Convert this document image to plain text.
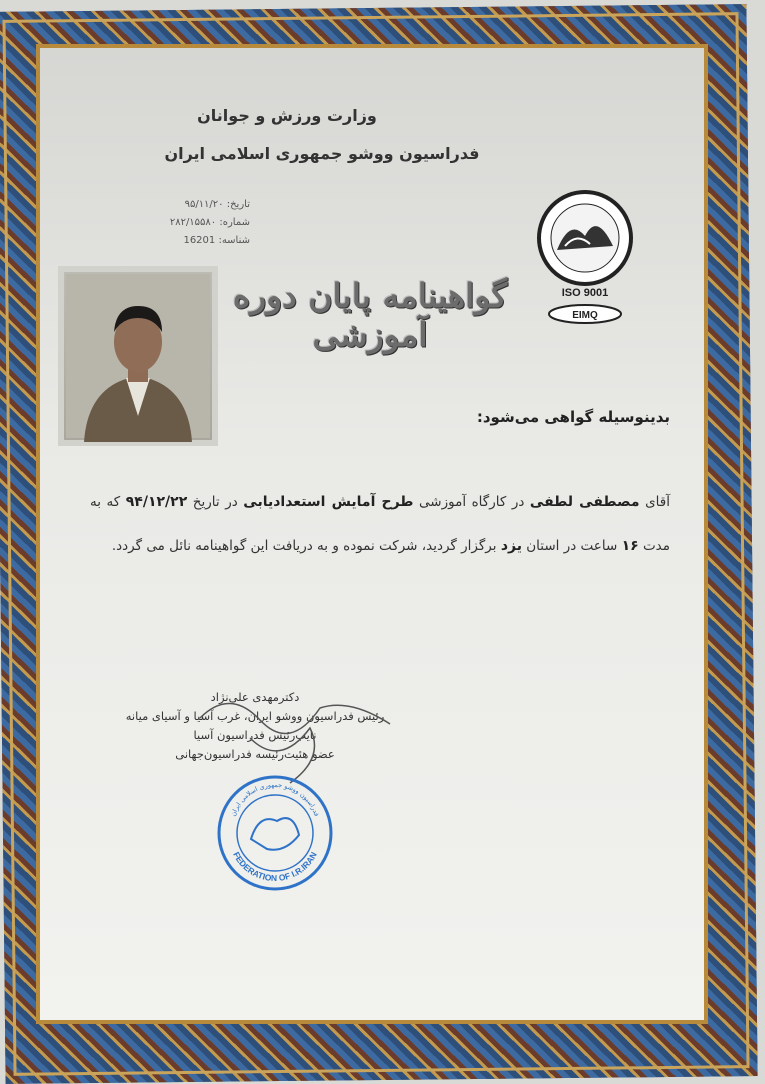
وزارت ورزش و جوانان
فدراسیون ووشو جمهوری اسلامی ایران
تاریخ: ۹۵/۱۱/۲۰
شماره: ۲۸۲/۱۵۵۸۰
شناسه: 16201
ISO 9001
EIMQ
گواهینامه پایان دوره آموزشی
بدینوسیله گواهی می‌شود:
آقای مصطفی لطفی در کارگاه آموزشی طرح آمایش استعدادیابی در تاریخ ۹۴/۱۲/۲۲ که به مدت ۱۶ ساعت در استان یزد برگزار گردید، شرکت نموده و به دریافت این گواهینامه نائل می گردد.
دکترمهدی علی‌نژاد
رئیس فدراسیون ووشو ایران، غرب آسیا و آسیای میانه
نایب‌رئیس فدراسیون آسیا
عضو هئیت‌رئیسه فدراسیون‌جهانی
FEDERATION OF I.R.IRAN
فدراسیون ووشو جمهوری اسلامی ایران
